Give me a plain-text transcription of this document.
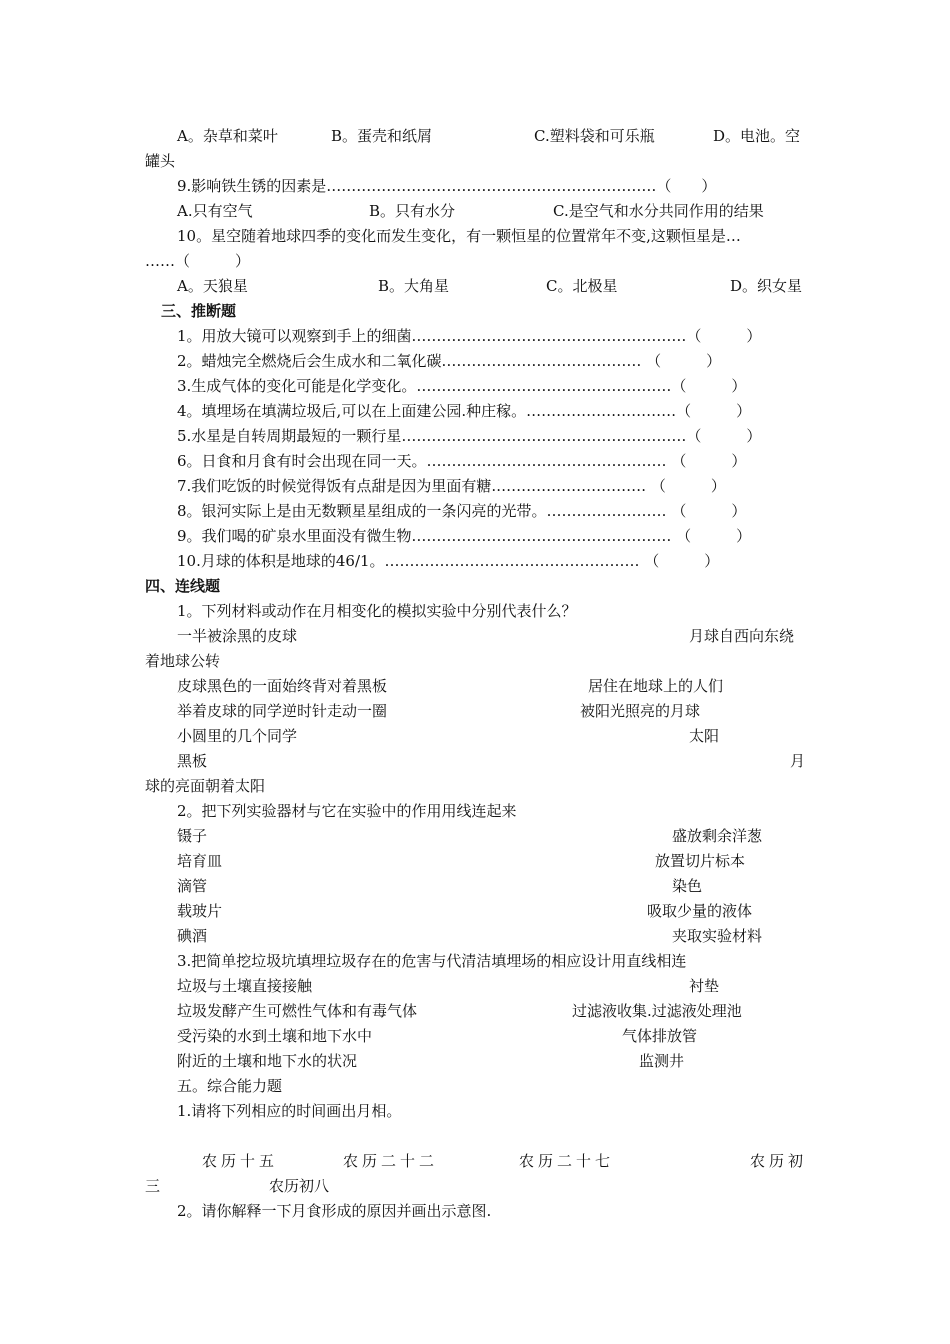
A。杂草和菜叶	B。蛋壳和纸屑	C.塑料袋和可乐瓶	D。电池。空
罐头
9.影响铁生锈的因素是…………………………………………………………（　　）
A.只有空气	B。只有水分	C.是空气和水分共同作用的结果
10。星空随着地球四季的变化而发生变化，有一颗恒星的位置常年不变,这颗恒星是…
……（　　　）
A。天狼星	B。大角星	C。北极星	D。织女星
三、推断题
1。用放大镜可以观察到手上的细菌.………………………………………………（　　　）
2。蜡烛完全燃烧后会生成水和二氧化碳.………………………………… （　　　）
3.生成气体的变化可能是化学变化。……………………………………………（　　　）
4。填埋场在填满垃圾后,可以在上面建公园.种庄稼。…………………………（　　　）
5.水星是自转周期最短的一颗行星…………………………………………………（　　　）
6。日食和月食有时会出现在同一天。………………………………………… （　　　）
7.我们吃饭的时候觉得饭有点甜是因为里面有糖.………………………… （　　　）
8。银河实际上是由无数颗星星组成的一条闪亮的光带。…………………… （　　　）
9。我们喝的矿泉水里面没有微生物.…………………………………………… （　　　）
10.月球的体积是地球的46/1。…………………………………………… （　　　）
四、连线题
1。下列材料或动作在月相变化的模拟实验中分别代表什么？
一半被涂黑的皮球	月球自西向东绕
着地球公转
皮球黑色的一面始终背对着黑板	居住在地球上的人们
举着皮球的同学逆时针走动一圈	被阳光照亮的月球
小圆里的几个同学	太阳
黑板	月
球的亮面朝着太阳
2。把下列实验器材与它在实验中的作用用线连起来
镊子	盛放剩余洋葱
培育皿	放置切片标本
滴管	染色
载玻片	吸取少量的液体
碘酒	夹取实验材料
3.把简单挖垃圾坑填埋垃圾存在的危害与代清洁填埋场的相应设计用直线相连
垃圾与土壤直接接触	衬垫
垃圾发酵产生可燃性气体和有毒气体	过滤液收集.过滤液处理池
受污染的水到土壤和地下水中	气体排放管
附近的土壤和地下水的状况	监测井
五。综合能力题
1.请将下列相应的时间画出月相。
农历十五	农历二十二	农历二十七	农历初
三	农历初八
2。请你解释一下月食形成的原因并画出示意图.
